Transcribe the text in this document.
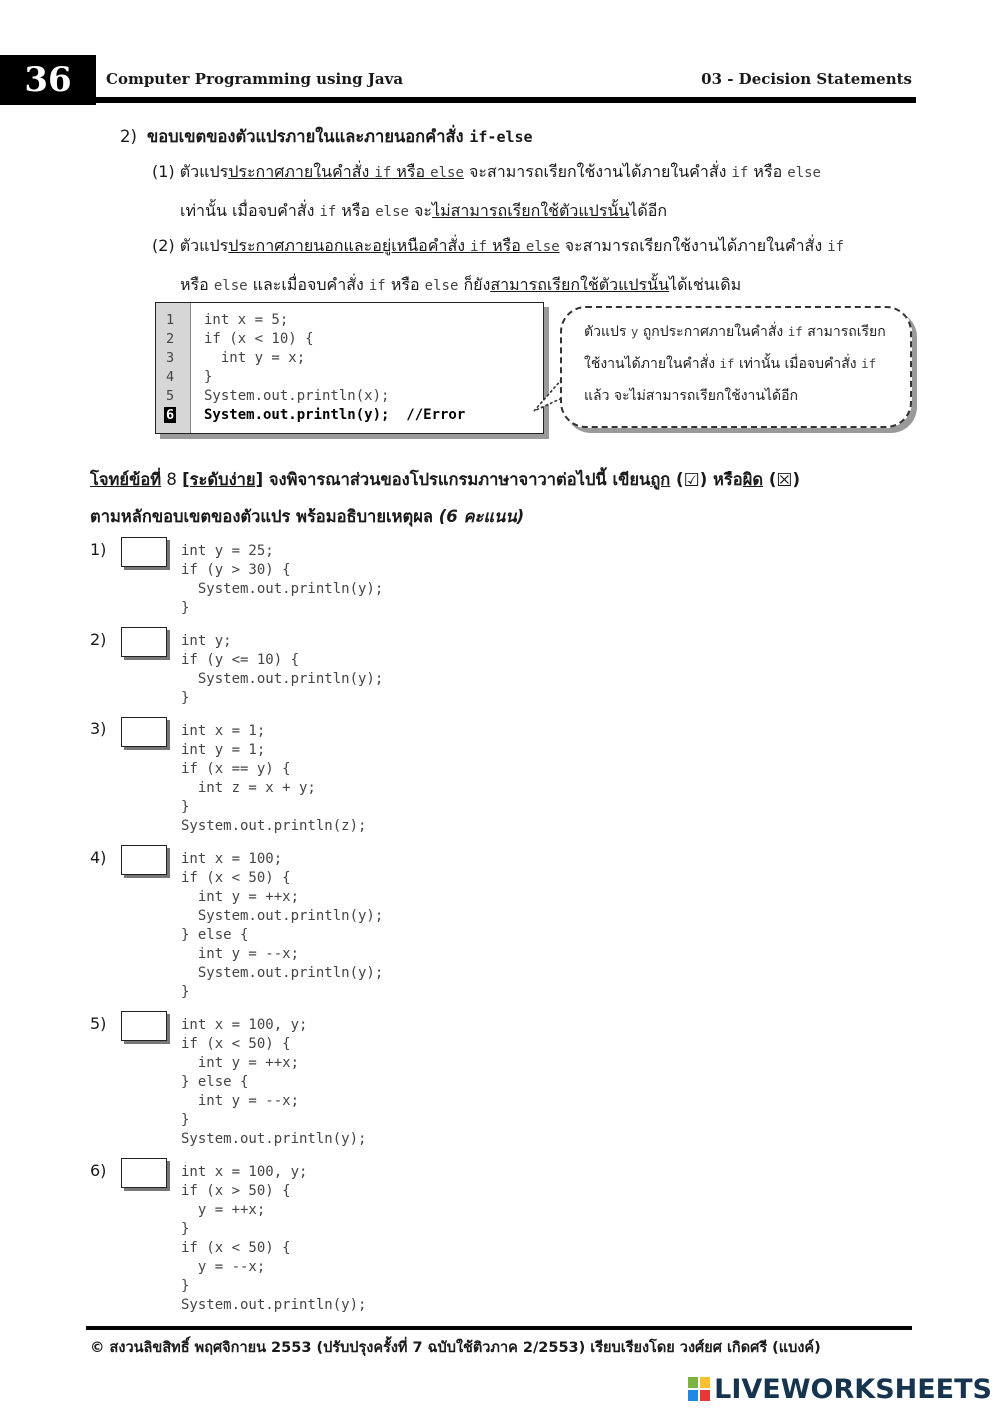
36	Computer Programming using Java	03 - Decision Statements
2) ขอบเขตของตัวแปรภายในและภายนอกคำสั่ง if-else
(1) ตัวแปรประกาศภายในคำสั่ง if หรือ else จะสามารถเรียกใช้งานได้ภายในคำสั่ง if หรือ else
เท่านั้น เมื่อจบคำสั่ง if หรือ else จะไม่สามารถเรียกใช้ตัวแปรนั้นได้อีก
(2) ตัวแปรประกาศภายนอกและอยู่เหนือคำสั่ง if หรือ else จะสามารถเรียกใช้งานได้ภายในคำสั่ง if
หรือ else และเมื่อจบคำสั่ง if หรือ else ก็ยังสามารถเรียกใช้ตัวแปรนั้นได้เช่นเดิม
1
2
3
4
5
6
int x = 5;
if (x < 10) {
int y = x;
}
System.out.println(x);
System.out.println(y);  //Error
ตัวแปร y ถูกประกาศภายในคำสั่ง if สามารถเรียกใช้งานได้ภายในคำสั่ง if เท่านั้น เมื่อจบคำสั่ง if แล้ว จะไม่สามารถเรียกใช้งานได้อีก
โจทย์ข้อที่ 8 [ระดับง่าย] จงพิจารณาส่วนของโปรแกรมภาษาจาวาต่อไปนี้ เขียนถูก (☑) หรือผิด (☒)
ตามหลักขอบเขตของตัวแปร พร้อมอธิบายเหตุผล (6 คะแนน)
1)	int y = 25;
if (y > 30) {
System.out.println(y);
}
2)	int y;
if (y <= 10) {
System.out.println(y);
}
3)	int x = 1;
int y = 1;
if (x == y) {
int z = x + y;
}
System.out.println(z);
4)	int x = 100;
if (x < 50) {
int y = ++x;
System.out.println(y);
} else {
int y = --x;
System.out.println(y);
}
5)	int x = 100, y;
if (x < 50) {
int y = ++x;
} else {
int y = --x;
}
System.out.println(y);
6)	int x = 100, y;
if (x > 50) {
y = ++x;
}
if (x < 50) {
y = --x;
}
System.out.println(y);
© สงวนลิขสิทธิ์ พฤศจิกายน 2553 (ปรับปรุงครั้งที่ 7 ฉบับใช้ติวภาค 2/2553) เรียบเรียงโดย วงศ์ยศ เกิดศรี (แบงค์)
LIVEWORKSHEETS
